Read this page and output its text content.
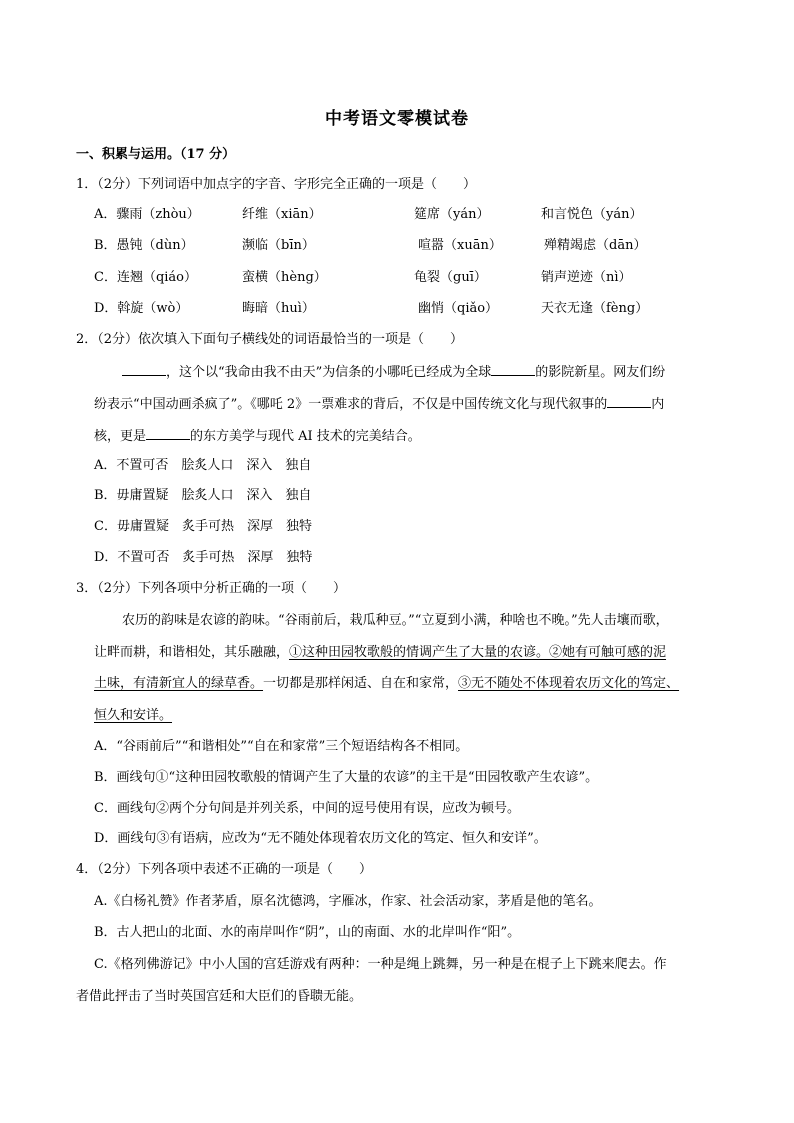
中考语文零模试卷
一、积累与运用。（17 分）
1．（2分）下列词语中加点字的字音、字形完全正确的一项是（　　）
A．骤雨（zhòu）	纤维（xiān）	筵席（yán）	和言悦色（yán）
B．愚钝（dùn）	濒临（bīn）	喧嚣（xuān）	殚精竭虑（dān）
C．连翘（qiáo）	蛮横（hèng）	龟裂（guī）	销声逆迹（nì）
D．斡旋（wò）	晦暗（huì）	幽悄（qiǎo）	天衣无逢（fèng）
2．（2分）依次填入下面句子横线处的词语最恰当的一项是（　　）
，这个以“我命由我不由天”为信条的小哪吒已经成为全球	的影院新星。网友们纷
纷表示“中国动画杀疯了”。《哪吒 2》一票难求的背后，不仅是中国传统文化与现代叙事的	内
核，更是	的东方美学与现代 AI 技术的完美结合。
A．不置可否　脍炙人口　深入　独自
B．毋庸置疑　脍炙人口　深入　独自
C．毋庸置疑　炙手可热　深厚　独特
D．不置可否　炙手可热　深厚　独特
3．（2分）下列各项中分析正确的一项（　　）
农历的韵味是农谚的韵味。“谷雨前后，栽瓜种豆。”“立夏到小满，种啥也不晚。”先人击壤而歌，
让畔而耕，和谐相处，其乐融融，①这种田园牧歌般的情调产生了大量的农谚。②她有可触可感的泥
土味，有清新宜人的绿草香。一切都是那样闲适、自在和家常，③无不随处不体现着农历文化的笃定、
恒久和安详。
A．“谷雨前后”“和谐相处”“自在和家常”三个短语结构各不相同。
B．画线句①“这种田园牧歌般的情调产生了大量的农谚”的主干是“田园牧歌产生农谚”。
C．画线句②两个分句间是并列关系，中间的逗号使用有误，应改为顿号。
D．画线句③有语病，应改为“无不随处体现着农历文化的笃定、恒久和安详”。
4．（2分）下列各项中表述不正确的一项是（　　）
A.《白杨礼赞》作者茅盾，原名沈德鸿，字雁冰，作家、社会活动家，茅盾是他的笔名。
B．古人把山的北面、水的南岸叫作“阴”，山的南面、水的北岸叫作“阳”。
C.《格列佛游记》中小人国的宫廷游戏有两种：一种是绳上跳舞，另一种是在棍子上下跳来爬去。作
者借此抨击了当时英国宫廷和大臣们的昏聩无能。
